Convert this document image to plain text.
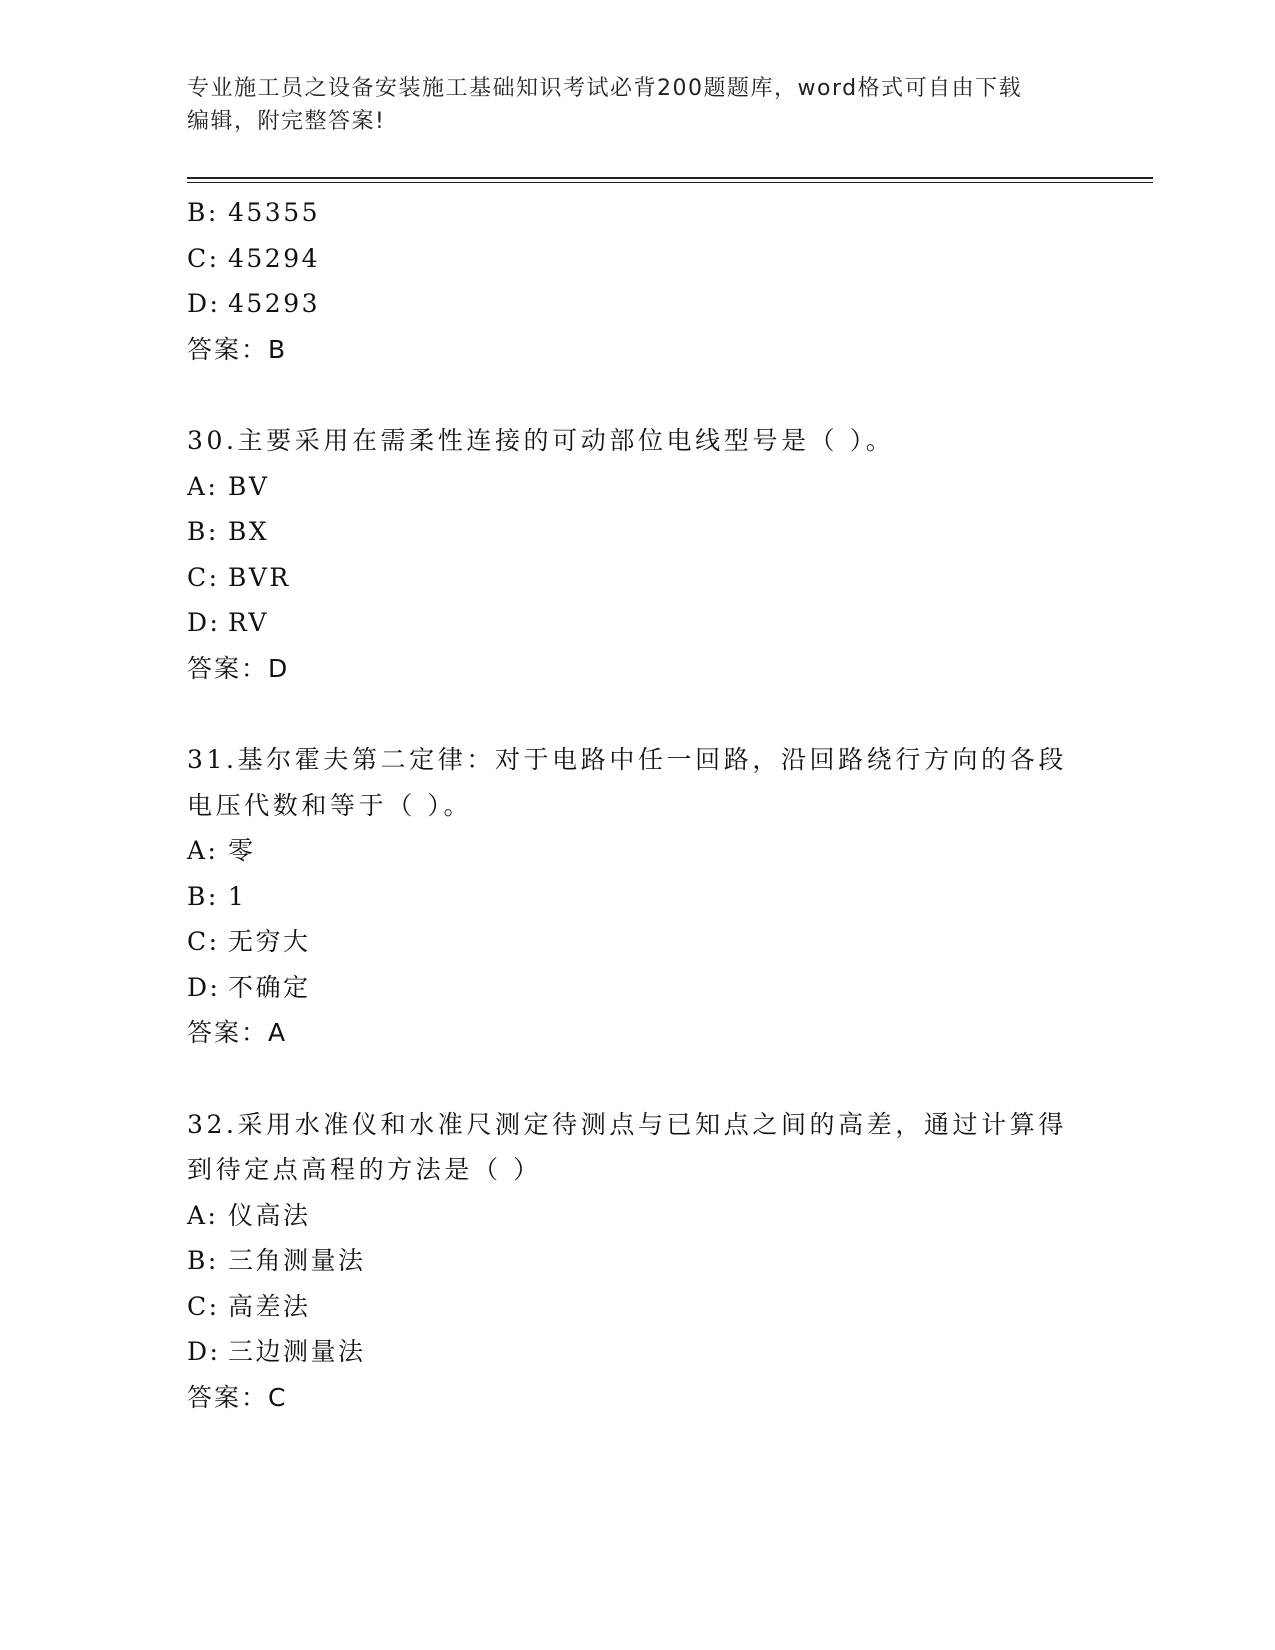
专业施工员之设备安装施工基础知识考试必背200题题库，word格式可自由下载
编辑，附完整答案!
B: 45355
C: 45294
D: 45293
答案：B
30.主要采用在需柔性连接的可动部位电线型号是（ ）。
A: BV
B: BX
C: BVR
D: RV
答案：D
31.基尔霍夫第二定律：对于电路中任一回路，沿回路绕行方向的各段
电压代数和等于（ ）。
A: 零
B: 1
C: 无穷大
D: 不确定
答案：A
32.采用水准仪和水准尺测定待测点与已知点之间的高差，通过计算得
到待定点高程的方法是（ ）
A: 仪高法
B: 三角测量法
C: 高差法
D: 三边测量法
答案：C
